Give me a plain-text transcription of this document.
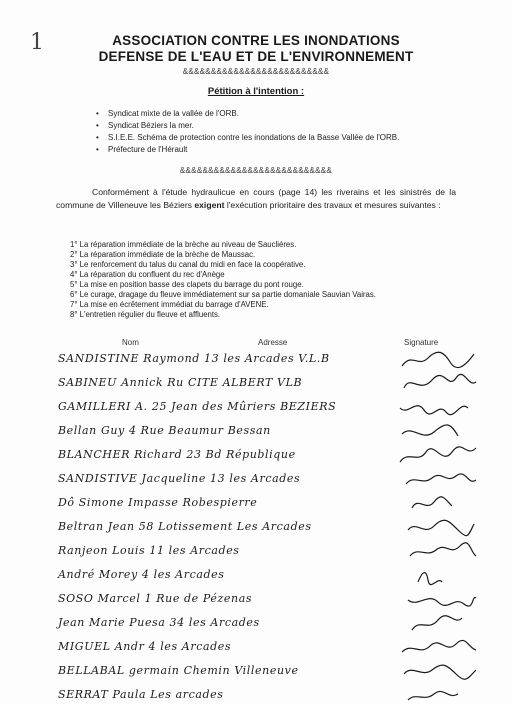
1	ASSOCIATION CONTRE LES INONDATIONS
DEFENSE DE L'EAU ET DE L'ENVIRONNEMENT
&&&&&&&&&&&&&&&&&&&&&&&&&&
Pétition à l'intention :
• Syndicat mixte de la vallée de l'ORB.
• Syndicat Béziers la mer.
• S.I.E.E. Schéma de protection contre les inondations de la Basse Vallée de l'ORB.
• Préfecture de l'Hérault
&&&&&&&&&&&&&&&&&&&&&&&&&&&
Conformément à l'étude hydraulicue en cours (page 14) les riverains et les sinistrés de la commune de Villeneuve les Béziers exigent l'exécution prioritaire des travaux et mesures suivantes :
1° La réparation immédiate de la brèche au niveau de Saucliéres.
2° La réparation immédiate de la brèche de Maussac.
3° Le renforcement du talus du canal du midi en face la coopérative.
4° La réparation du confluent du rec d'Anège
5° La mise en position basse des clapets du barrage du pont rouge.
6° Le curage, dragage du fleuve immédiatement sur sa partie domaniale Sauvian Vairas.
7° La mise en écrêtement immédiat du barrage d'AVENE.
8° L'entretien régulier du fleuve et affluents.
Nom	Adresse	Signature
SANDISTINE Raymond 13 les Arcades V.L.B
SABINEU Annick Ru CITE ALBERT VLB
GAMILLERI A. 25 Jean des Mûriers BEZIERS
Bellan Guy 4 Rue Beaumur Bessan
BLANCHER Richard 23 Bd République
SANDISTIVE Jacqueline 13 les Arcades
Dô Simone Impasse Robespierre
Beltran Jean 58 Lotissement Les Arcades
Ranjeon Louis 11 les Arcades
André Morey 4 les Arcades
SOSO Marcel 1 Rue de Pézenas
Jean Marie Puesa 34 les Arcades
MIGUEL Andr 4 les Arcades
BELLABAL germain Chemin Villeneuve
SERRAT Paula Les arcades
